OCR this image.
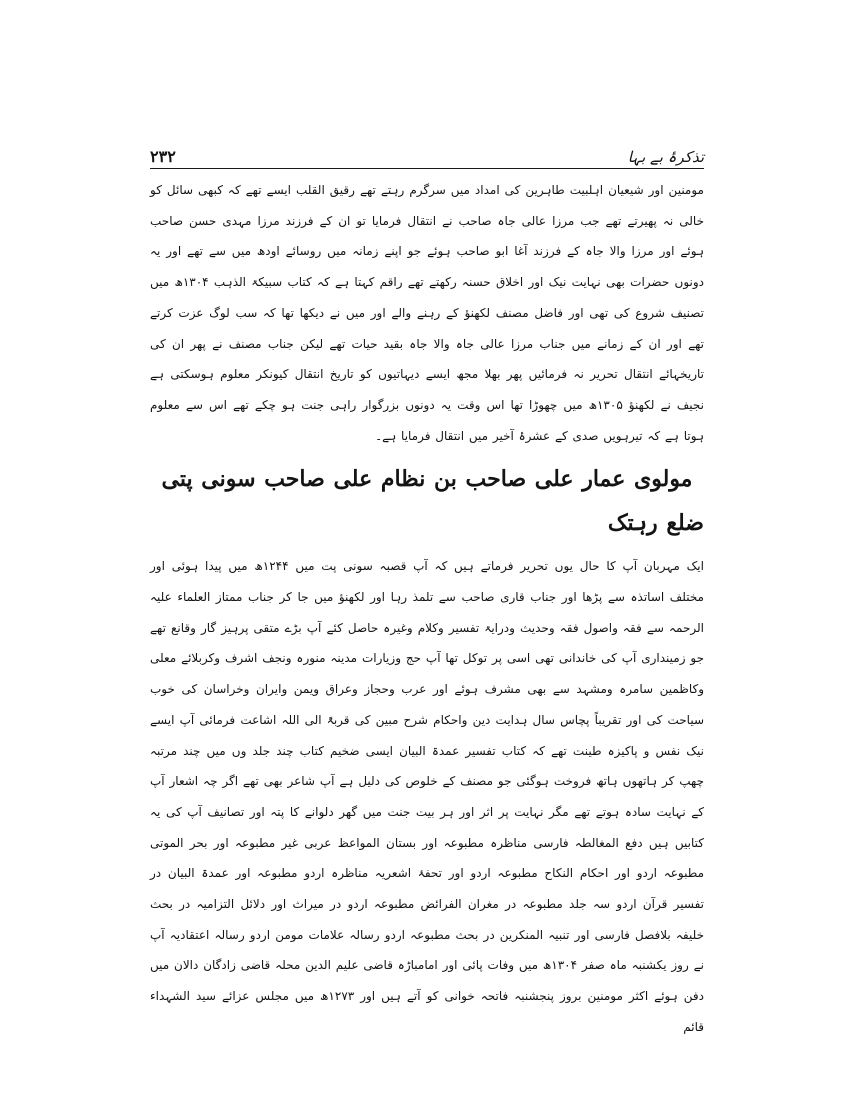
تذکرۂ بے بہا
۲۳۲

مومنین اور شیعیان اہلبیت طاہرین کی امداد میں سرگرم رہتے تھے رقیق القلب ایسے تھے کہ کبھی سائل کو خالی نہ پھیرتے تھے جب مرزا عالی جاہ صاحب نے انتقال فرمایا تو ان کے فرزند مرزا مہدی حسن صاحب ہوئے اور مرزا والا جاہ کے فرزند آغا ابو صاحب ہوئے جو اپنے زمانہ میں روسائے اودھ میں سے تھے اور یہ دونوں حضرات بھی نہایت نیک اور اخلاق حسنہ رکھتے تھے راقم کہتا ہے کہ کتاب سبیکۃ الذہب ۱۳۰۴ھ میں تصنیف شروع کی تھی اور فاضل مصنف لکھنؤ کے رہنے والے اور میں نے دیکھا تھا کہ سب لوگ عزت کرتے تھے اور ان کے زمانے میں جناب مرزا عالی جاہ والا جاہ بقید حیات تھے لیکن جناب مصنف نے پھر ان کی تاریخہائے انتقال تحریر نہ فرمائیں پھر بھلا مجھ ایسے دیہاتیوں کو تاریخ انتقال کیونکر معلوم ہوسکتی ہے نجیف نے لکھنؤ ۱۳۰۵ھ میں چھوڑا تھا اس وقت یہ دونوں بزرگوار راہی جنت ہو چکے تھے اس سے معلوم ہوتا ہے کہ تیرہویں صدی کے عشرۂ آخیر میں انتقال فرمایا ہے۔

مولوی عمار علی صاحب بن نظام علی صاحب سونی پتی ضلع رہتک

ایک مہربان آپ کا حال یوں تحریر فرماتے ہیں کہ آپ قصبہ سونی پت میں ۱۲۴۴ھ میں پیدا ہوئی اور مختلف اساتذہ سے پڑھا اور جناب قاری صاحب سے تلمذ رہا اور لکھنؤ میں جا کر جناب ممتاز العلماء علیہ الرحمہ سے فقہ واصول فقہ وحدیث ودرایۃ تفسیر وکلام وغیرہ حاصل کئے آپ بڑے متقی پرہیز گار وقانع تھے جو زمینداری آپ کی خاندانی تھی اسی پر توکل تھا آپ حج وزیارات مدینہ منورہ ونجف اشرف وکربلائے معلی وکاظمین سامرہ ومشہد سے بھی مشرف ہوئے اور عرب وحجاز وعراق ویمن وایران وخراسان کی خوب سیاحت کی اور تقریباً پچاس سال ہدایت دین واحکام شرح مبین کی قربۃً الی اللہ اشاعت فرمائی آپ ایسے نیک نفس و پاکیزہ طینت تھے کہ کتاب تفسیر عمدۃ البیان ایسی ضخیم کتاب چند جلد وں میں چند مرتبہ چھپ کر ہاتھوں ہاتھ فروخت ہوگئی جو مصنف کے خلوص کی دلیل ہے آپ شاعر بھی تھے اگر چہ اشعار آپ کے نہایت سادہ ہوتے تھے مگر نہایت پر اثر اور ہر بیت جنت میں گھر دلوانے کا پتہ اور تصانیف آپ کی یہ کتابیں ہیں دفع المغالطہ فارسی مناظرہ مطبوعہ اور بستان المواعظ عربی غیر مطبوعہ اور بحر الموتی مطبوعہ اردو اور احکام النکاح مطبوعہ اردو اور تحفۂ اشعریہ مناظرہ اردو مطبوعہ اور عمدۃ البیان در تفسیر قرآن اردو سہ جلد مطبوعہ در مغران الفرائض مطبوعہ اردو در میراث اور دلائل التزامیہ در بحث خلیفہ بلافصل فارسی اور تنبیہ المنکرین در بحث مطبوعہ اردو رسالہ علامات مومن اردو رسالہ اعتقادیہ آپ نے روز یکشنبہ ماہ صفر ۱۳۰۴ھ میں وفات پائی اور امامباڑہ قاضی علیم الدین محلہ قاضی زادگان دالان میں دفن ہوئے اکثر مومنین بروز پنجشنبہ فاتحہ خوانی کو آتے ہیں اور ۱۲۷۳ھ میں مجلس عزائے سید الشہداء قائم
